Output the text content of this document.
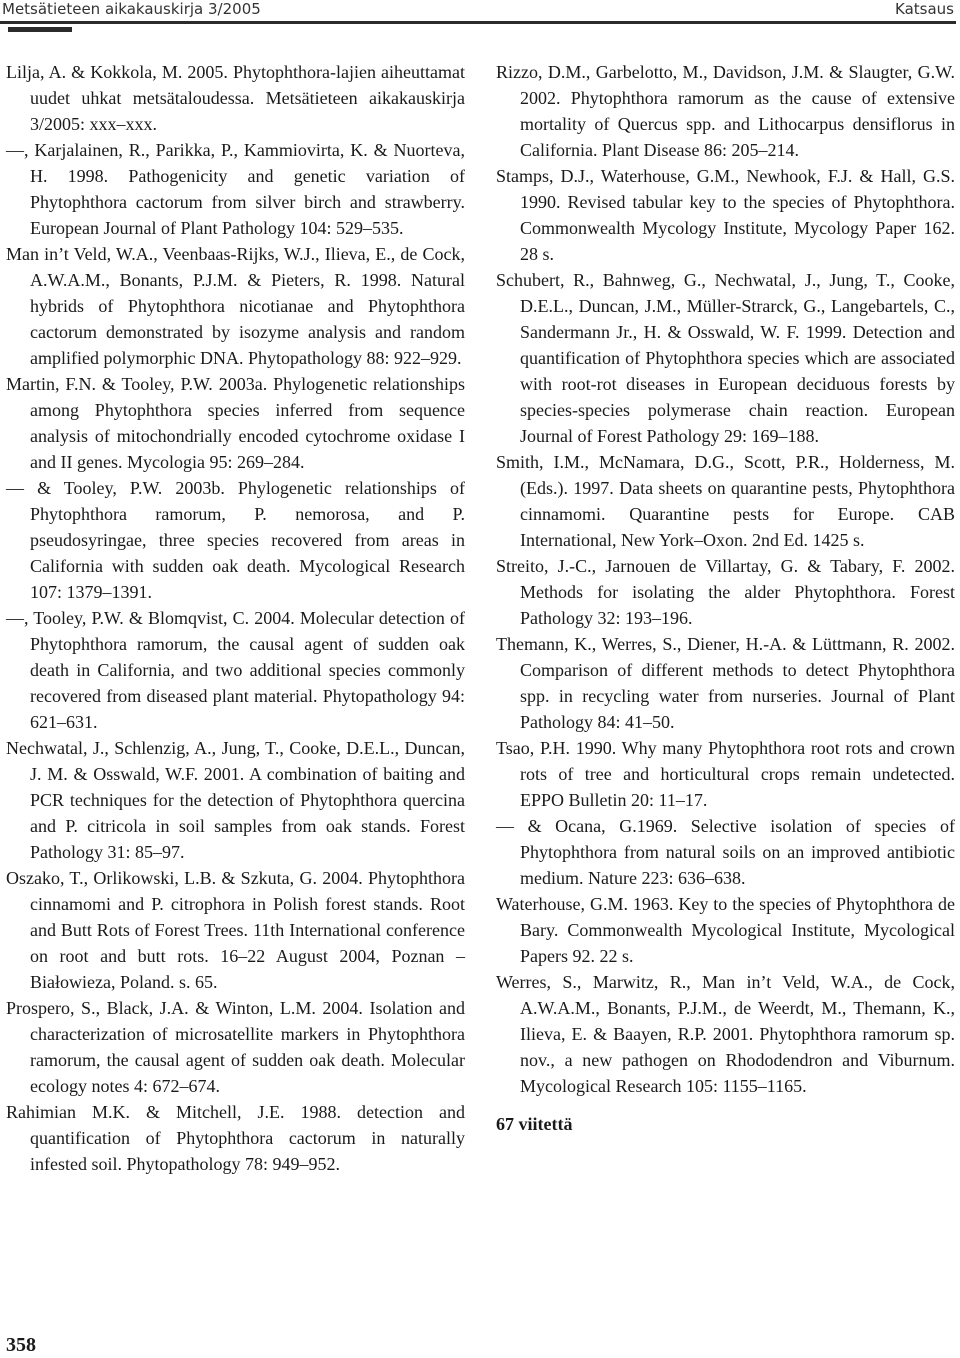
Metsätieteen aikakauskirja 3/2005	Katsaus

Lilja, A. & Kokkola, M. 2005. Phytophthora-lajien aiheuttamat uudet uhkat metsätaloudessa. Metsätieteen aikakauskirja 3/2005: xxx–xxx.

—, Karjalainen, R., Parikka, P., Kammiovirta, K. & Nuorteva, H. 1998. Pathogenicity and genetic variation of Phytophthora cactorum from silver birch and strawberry. European Journal of Plant Pathology 104: 529–535.

Man in’t Veld, W.A., Veenbaas-Rijks, W.J., Ilieva, E., de Cock, A.W.A.M., Bonants, P.J.M. & Pieters, R. 1998. Natural hybrids of Phytophthora nicotianae and Phytophthora cactorum demonstrated by isozyme analysis and random amplified polymorphic DNA. Phytopathology 88: 922–929.

Martin, F.N. & Tooley, P.W. 2003a. Phylogenetic relationships among Phytophthora species inferred from sequence analysis of mitochondrially encoded cytochrome oxidase I and II genes. Mycologia 95: 269–284.

— & Tooley, P.W. 2003b. Phylogenetic relationships of Phytophthora ramorum, P. nemorosa, and P. pseudosyringae, three species recovered from areas in California with sudden oak death. Mycological Research 107: 1379–1391.

—, Tooley, P.W. & Blomqvist, C. 2004. Molecular detection of Phytophthora ramorum, the causal agent of sudden oak death in California, and two additional species commonly recovered from diseased plant material. Phytopathology 94: 621–631.

Nechwatal, J., Schlenzig, A., Jung, T., Cooke, D.E.L., Duncan, J. M. & Osswald, W.F. 2001. A combination of baiting and PCR techniques for the detection of Phytophthora quercina and P. citricola in soil samples from oak stands. Forest Pathology 31: 85–97.

Oszako, T., Orlikowski, L.B. & Szkuta, G. 2004. Phytophthora cinnamomi and P. citrophora in Polish forest stands. Root and Butt Rots of Forest Trees. 11th International conference on root and butt rots. 16–22 August 2004, Poznan – Białowieza, Poland. s. 65.

Prospero, S., Black, J.A. & Winton, L.M. 2004. Isolation and characterization of microsatellite markers in Phytophthora ramorum, the causal agent of sudden oak death. Molecular ecology notes 4: 672–674.

Rahimian M.K. & Mitchell, J.E. 1988. detection and quantification of Phytophthora cactorum in naturally infested soil. Phytopathology 78: 949–952.

Rizzo, D.M., Garbelotto, M., Davidson, J.M. & Slaugter, G.W. 2002. Phytophthora ramorum as the cause of extensive mortality of Quercus spp. and Lithocarpus densiflorus in California. Plant Disease 86: 205–214.

Stamps, D.J., Waterhouse, G.M., Newhook, F.J. & Hall, G.S. 1990. Revised tabular key to the species of Phytophthora. Commonwealth Mycology Institute, Mycology Paper 162. 28 s.

Schubert, R., Bahnweg, G., Nechwatal, J., Jung, T., Cooke, D.E.L., Duncan, J.M., Müller-Strarck, G., Langebartels, C., Sandermann Jr., H. & Osswald, W. F. 1999. Detection and quantification of Phytophthora species which are associated with root-rot diseases in European deciduous forests by species-species polymerase chain reaction. European Journal of Forest Pathology 29: 169–188.

Smith, I.M., McNamara, D.G., Scott, P.R., Holderness, M. (Eds.). 1997. Data sheets on quarantine pests, Phytophthora cinnamomi. Quarantine pests for Europe. CAB International, New York–Oxon. 2nd Ed. 1425 s.

Streito, J.-C., Jarnouen de Villartay, G. & Tabary, F. 2002. Methods for isolating the alder Phytophthora. Forest Pathology 32: 193–196.

Themann, K., Werres, S., Diener, H.-A. & Lüttmann, R. 2002. Comparison of different methods to detect Phytophthora spp. in recycling water from nurseries. Journal of Plant Pathology 84: 41–50.

Tsao, P.H. 1990. Why many Phytophthora root rots and crown rots of tree and horticultural crops remain undetected. EPPO Bulletin 20: 11–17.

— & Ocana, G.1969. Selective isolation of species of Phytophthora from natural soils on an improved antibiotic medium. Nature 223: 636–638.

Waterhouse, G.M. 1963. Key to the species of Phytophthora de Bary. Commonwealth Mycological Institute, Mycological Papers 92. 22 s.

Werres, S., Marwitz, R., Man in’t Veld, W.A., de Cock, A.W.A.M., Bonants, P.J.M., de Weerdt, M., Themann, K., Ilieva, E. & Baayen, R.P. 2001. Phytophthora ramorum sp. nov., a new pathogen on Rhododendron and Viburnum. Mycological Research 105: 1155–1165.

67 viitettä
358
